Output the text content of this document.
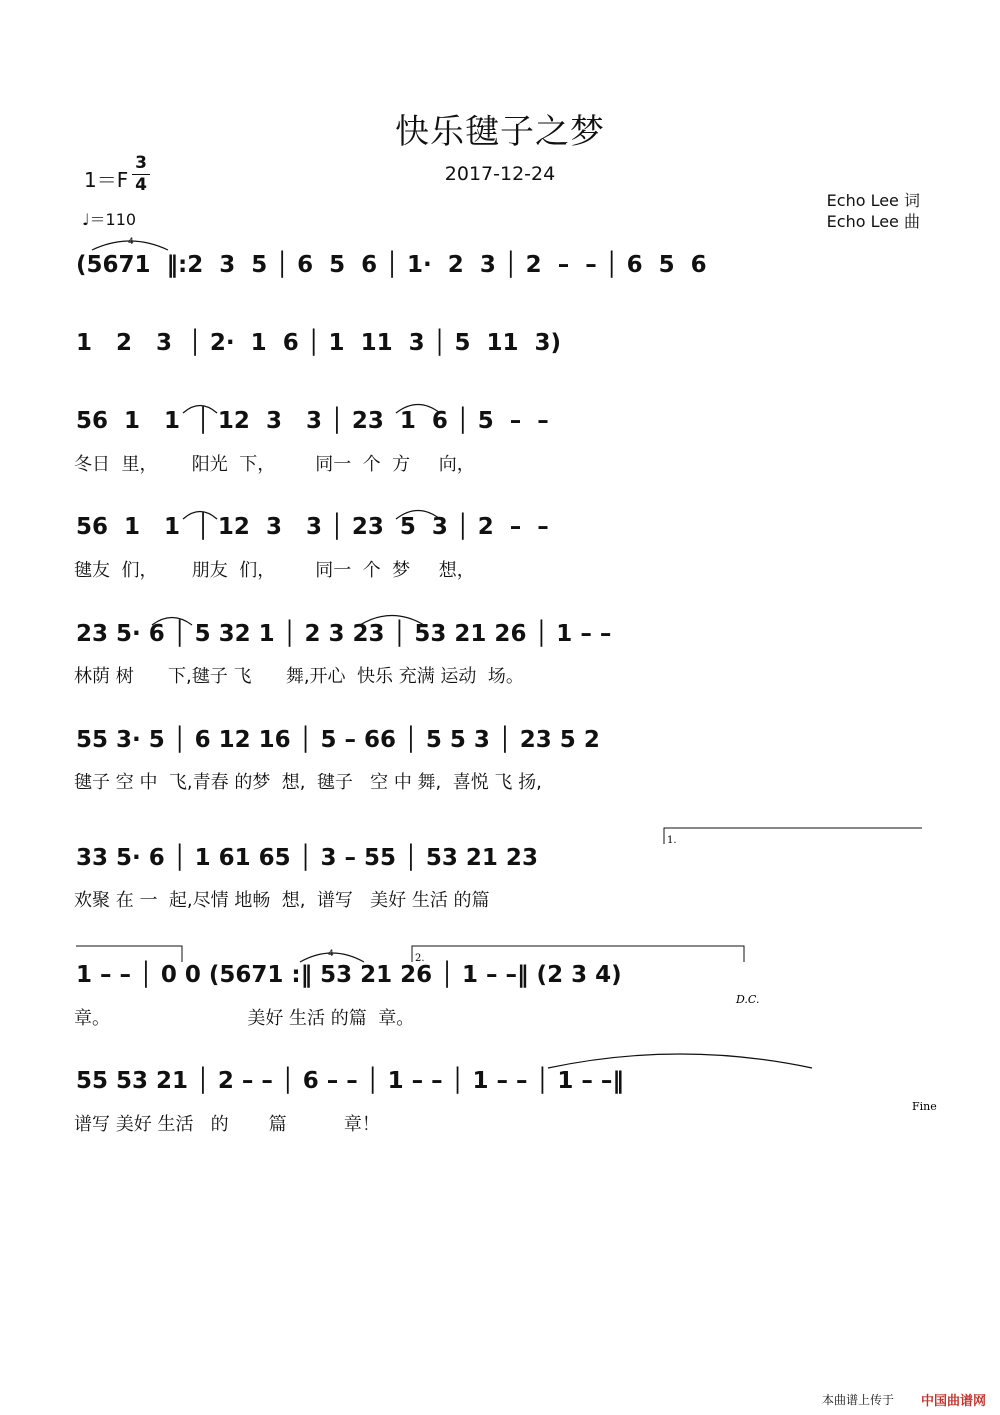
快乐毽子之梦
2017-12-24
1＝F
3
4
♩＝110
Echo Lee 词
Echo Lee 曲
(5671  ‖:2  3  5 │ 6  5  6 │ 1·  2  3 │ 2  –  – │ 6  5  6
1   2   3  │ 2·  1  6 │ 1  11  3 │ 5  11  3)
56  1   1  │ 12  3   3 │ 23  1  6 │ 5  –  –
冬日  里，      阳光  下，       同一  个  方     向，
56  1   1  │ 12  3   3 │ 23  5  3 │ 2  –  –
毽友  们，      朋友  们，       同一  个  梦     想，
23 5· 6 │ 5 32 1 │ 2 3 23 │ 53 21 26 │ 1 – –
林荫 树      下,毽子 飞      舞,开心  快乐 充满 运动  场。
55 3· 5 │ 6 12 16 │ 5 – 66 │ 5 5 3 │ 23 5 2
毽子 空 中  飞,青春 的梦  想,  毽子   空 中 舞,  喜悦 飞 扬,
33 5· 6 │ 1 61 65 │ 3 – 55 │ 53 21 23
欢聚 在 一  起,尽情 地畅  想,  谱写   美好 生活 的篇
1 – – │ 0 0 (5671 :‖ 53 21 26 │ 1 – –‖ (2 3 4)
章。                        美好 生活 的篇  章。
55 53 21 │ 2 – – │ 6 – – │ 1 – – │ 1 – – │ 1 – –‖
谱写 美好 生活   的       篇          章！
1.
2.
D.C.
Fine
4
4
本曲谱上传于 中国曲谱网
